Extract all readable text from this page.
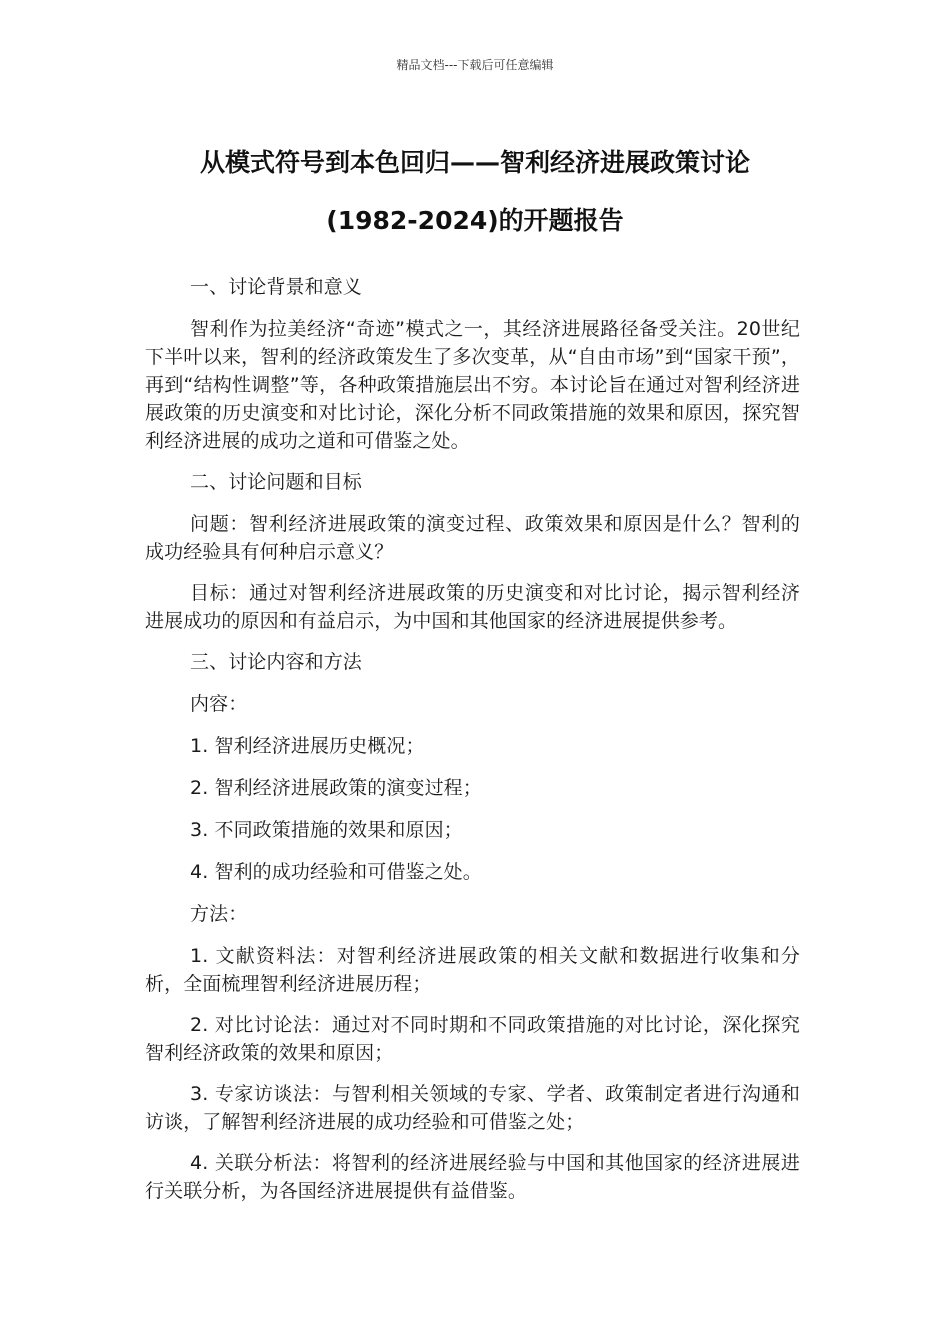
精品文档---下载后可任意编辑
从模式符号到本色回归——智利经济进展政策讨论
(1982-2024)的开题报告

一、讨论背景和意义

智利作为拉美经济“奇迹”模式之一，其经济进展路径备受关注。20世纪下半叶以来，智利的经济政策发生了多次变革，从“自由市场”到“国家干预”，再到“结构性调整”等，各种政策措施层出不穷。本讨论旨在通过对智利经济进展政策的历史演变和对比讨论，深化分析不同政策措施的效果和原因，探究智利经济进展的成功之道和可借鉴之处。

二、讨论问题和目标

问题：智利经济进展政策的演变过程、政策效果和原因是什么？智利的成功经验具有何种启示意义？

目标：通过对智利经济进展政策的历史演变和对比讨论，揭示智利经济进展成功的原因和有益启示，为中国和其他国家的经济进展提供参考。

三、讨论内容和方法

内容：

1. 智利经济进展历史概况；

2. 智利经济进展政策的演变过程；

3. 不同政策措施的效果和原因；

4. 智利的成功经验和可借鉴之处。

方法：

1. 文献资料法：对智利经济进展政策的相关文献和数据进行收集和分析，全面梳理智利经济进展历程；

2. 对比讨论法：通过对不同时期和不同政策措施的对比讨论，深化探究智利经济政策的效果和原因；

3. 专家访谈法：与智利相关领域的专家、学者、政策制定者进行沟通和访谈，了解智利经济进展的成功经验和可借鉴之处；

4. 关联分析法：将智利的经济进展经验与中国和其他国家的经济进展进行关联分析，为各国经济进展提供有益借鉴。
